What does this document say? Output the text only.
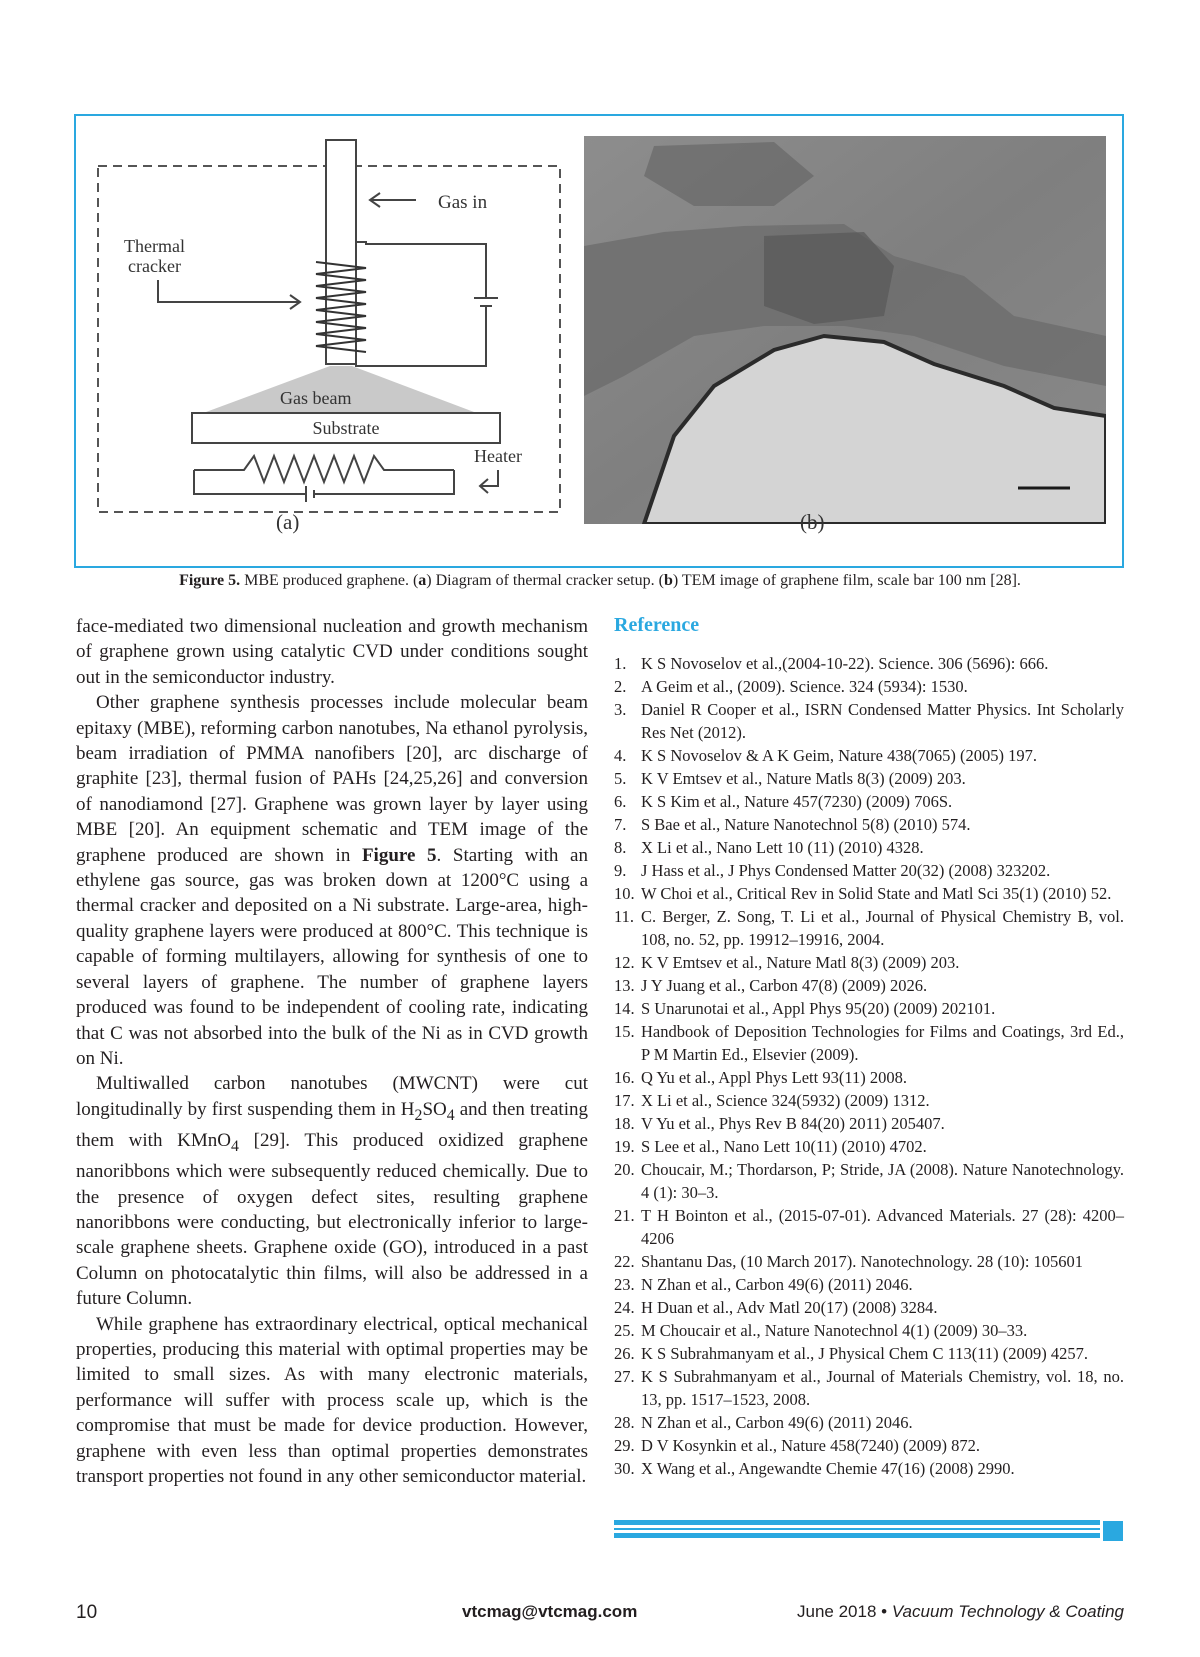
Gas in
Thermal
cracker
Gas beam
Substrate
Heater
(a)	(b)
Figure 5. MBE produced graphene. (a) Diagram of thermal cracker setup. (b) TEM image of graphene film, scale bar 100 nm [28].

face-mediated two dimensional nucleation and growth mechanism of graphene grown using catalytic CVD under conditions sought out in the semiconductor industry.

Other graphene synthesis processes include molecular beam epitaxy (MBE), reforming carbon nanotubes, Na ethanol pyrolysis, beam irradiation of PMMA nanofibers [20], arc discharge of graphite [23], thermal fusion of PAHs [24,25,26] and conversion of nanodiamond [27]. Graphene was grown layer by layer using MBE [20]. An equipment schematic and TEM image of the graphene produced are shown in Figure 5. Starting with an ethylene gas source, gas was broken down at 1200°C using a thermal cracker and deposited on a Ni substrate. Large-area, high-quality graphene layers were produced at 800°C. This technique is capable of forming multilayers, allowing for synthesis of one to several layers of graphene. The number of graphene layers produced was found to be independent of cooling rate, indicating that C was not absorbed into the bulk of the Ni as in CVD growth on Ni.

Multiwalled carbon nanotubes (MWCNT) were cut longitudinally by first suspending them in $H_2SO_4$ and then treating them with KMnO$_4$ [29]. This produced oxidized graphene nanoribbons which were subsequently reduced chemically. Due to the presence of oxygen defect sites, resulting graphene nanoribbons were conducting, but electronically inferior to large-scale graphene sheets. Graphene oxide (GO), introduced in a past Column on photocatalytic thin films, will also be addressed in a future Column.

While graphene has extraordinary electrical, optical mechanical properties, producing this material with optimal properties may be limited to small sizes. As with many electronic materials, performance will suffer with process scale up, which is the compromise that must be made for device production. However, graphene with even less than optimal properties demonstrates transport properties not found in any other semiconductor material.

Reference
1. K S Novoselov et al.,(2004-10-22). Science. 306 (5696): 666.
2. A Geim et al., (2009). Science. 324 (5934): 1530.
3. Daniel R Cooper et al., ISRN Condensed Matter Physics. Int Scholarly Res Net (2012).
4. K S Novoselov & A K Geim, Nature 438(7065) (2005) 197.
5. K V Emtsev et al., Nature Matls 8(3) (2009) 203.
6. K S Kim et al., Nature 457(7230) (2009) 706S.
7. S Bae et al., Nature Nanotechnol 5(8) (2010) 574.
8. X Li et al., Nano Lett 10 (11) (2010) 4328.
9. J Hass et al., J Phys Condensed Matter 20(32) (2008) 323202.
10. W Choi et al., Critical Rev in Solid State and Matl Sci 35(1) (2010) 52.
11. C. Berger, Z. Song, T. Li et al., Journal of Physical Chemistry B, vol. 108, no. 52, pp. 19912–19916, 2004.
12. K V Emtsev et al., Nature Matl 8(3) (2009) 203.
13. J Y Juang et al., Carbon 47(8) (2009) 2026.
14. S Unarunotai et al., Appl Phys 95(20) (2009) 202101.
15. Handbook of Deposition Technologies for Films and Coatings, 3rd Ed., P M Martin Ed., Elsevier (2009).
16. Q Yu et al., Appl Phys Lett 93(11) 2008.
17. X Li et al., Science 324(5932) (2009) 1312.
18. V Yu et al., Phys Rev B 84(20) 2011) 205407.
19. S Lee et al., Nano Lett 10(11) (2010) 4702.
20. Choucair, M.; Thordarson, P; Stride, JA (2008). Nature Nanotechnology. 4 (1): 30–3.
21. T H Bointon et al., (2015-07-01). Advanced Materials. 27 (28): 4200–4206
22. Shantanu Das, (10 March 2017). Nanotechnology. 28 (10): 105601
23. N Zhan et al., Carbon 49(6) (2011) 2046.
24. H Duan et al., Adv Matl 20(17) (2008) 3284.
25. M Choucair et al., Nature Nanotechnol 4(1) (2009) 30–33.
26. K S Subrahmanyam et al., J Physical Chem C 113(11) (2009) 4257.
27. K S Subrahmanyam et al., Journal of Materials Chemistry, vol. 18, no. 13, pp. 1517–1523, 2008.
28. N Zhan et al., Carbon 49(6) (2011) 2046.
29. D V Kosynkin et al., Nature 458(7240) (2009) 872.
30. X Wang et al., Angewandte Chemie 47(16) (2008) 2990.
10	vtcmag@vtcmag.com	June 2018 • Vacuum Technology & Coating
